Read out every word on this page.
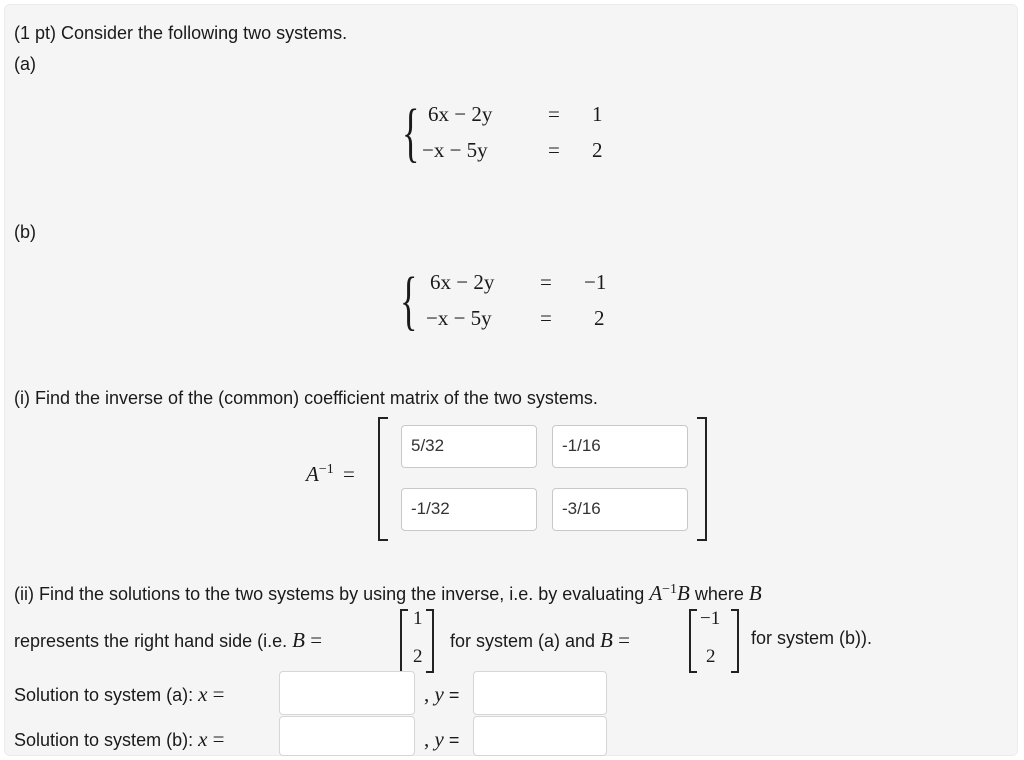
(1 pt) Consider the following two systems.
(a)
{ 6x − 2y	= 1
−x − 5y	= 2
(b)
{ 6x − 2y = −1
−x − 5y = 2
(i) Find the inverse of the (common) coefficient matrix of the two systems.
$A^{-1}$ =
5/32	-1/16
-1/32	-3/16
(ii) Find the solutions to the two systems by using the inverse, i.e. by evaluating $A^{-1}B$ where B
represents the right hand side (i.e. B =
1
2
for system (a) and B =
−1
2
for system (b)).
Solution to system (a): x =	, y =
Solution to system (b): x =	, y =
